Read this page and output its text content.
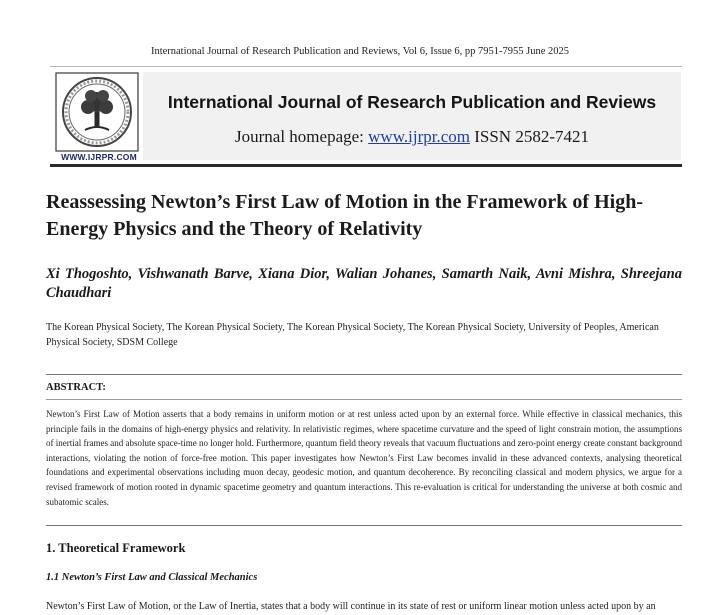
International Journal of Research Publication and Reviews, Vol 6, Issue 6, pp 7951-7955 June 2025
WWW.IJRPR.COM
International Journal of Research Publication and Reviews
Journal homepage: www.ijrpr.com ISSN 2582-7421
Reassessing Newton’s First Law of Motion in the Framework of High-Energy Physics and the Theory of Relativity
Xi Thogoshto, Vishwanath Barve, Xiana Dior, Walian Johanes, Samarth Naik, Avni Mishra, Shreejana Chaudhari
The Korean Physical Society, The Korean Physical Society, The Korean Physical Society, The Korean Physical Society, University of Peoples, American Physical Society, SDSM College
ABSTRACT:
Newton’s First Law of Motion asserts that a body remains in uniform motion or at rest unless acted upon by an external force. While effective in classical mechanics, this principle fails in the domains of high-energy physics and relativity. In relativistic regimes, where spacetime curvature and the speed of light constrain motion, the assumptions of inertial frames and absolute space-time no longer hold. Furthermore, quantum field theory reveals that vacuum fluctuations and zero-point energy create constant background interactions, violating the notion of force-free motion. This paper investigates how Newton’s First Law becomes invalid in these advanced contexts, analysing theoretical foundations and experimental observations including muon decay, geodesic motion, and quantum decoherence. By reconciling classical and modern physics, we argue for a revised framework of motion rooted in dynamic spacetime geometry and quantum interactions. This re-evaluation is critical for understanding the universe at both cosmic and subatomic scales.
1. Theoretical Framework
1.1 Newton’s First Law and Classical Mechanics
Newton’s First Law of Motion, or the Law of Inertia, states that a body will continue in its state of rest or uniform linear motion unless acted upon by an
